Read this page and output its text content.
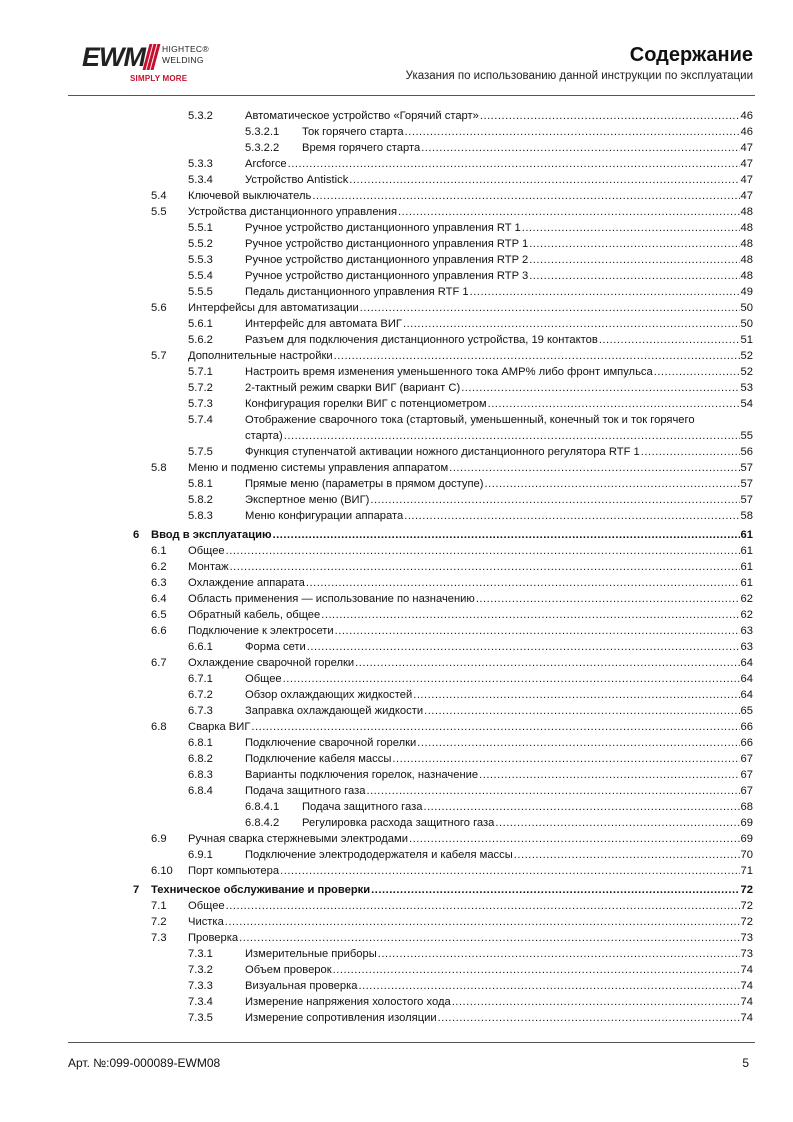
EWM HIGHTEC®
WELDING
SIMPLY MORE
Содержание
Указания по использованию данной инструкции по эксплуатации
5.3.2	Автоматическое устройство «Горячий старт» .....	46
5.3.2.1 Ток горячего старта .....	46
5.3.2.2 Время горячего старта .....	47
5.3.3	Arcforce .....	47
5.3.4	Устройство Antistick .....	47
5.4 Ключевой выключатель .....	47
5.5 Устройства дистанционного управления .....	48
5.5.1	Ручное устройство дистанционного управления RT 1 .....	48
5.5.2	Ручное устройство дистанционного управления RTP 1 .....	48
5.5.3	Ручное устройство дистанционного управления RTP 2 .....	48
5.5.4	Ручное устройство дистанционного управления RTP 3 .....	48
5.5.5	Педаль дистанционного управления RTF 1 .....	49
5.6 Интерфейсы для автоматизации .....	50
5.6.1	Интерфейс для автомата ВИГ .....	50
5.6.2	Разъем для подключения дистанционного устройства, 19 контактов .....	51
5.7 Дополнительные настройки .....	52
5.7.1	Настроить время изменения уменьшенного тока AMP% либо фронт импульса .....	52
5.7.2	2-тактный режим сварки ВИГ (вариант C) .....	53
5.7.3	Конфигурация горелки ВИГ с потенциометром .....	54
5.7.4	Отображение сварочного тока (стартовый, уменьшенный, конечный ток и ток горячего
старта) .....	55
5.7.5	Функция ступенчатой активации ножного дистанционного регулятора RTF 1 .....	56
5.8 Меню и подменю системы управления аппаратом .....	57
5.8.1	Прямые меню (параметры в прямом доступе) .....	57
5.8.2	Экспертное меню (ВИГ) .....	57
5.8.3	Меню конфигурации аппарата .....	58
6 Ввод в эксплуатацию .....	61
6.1 Общее .....	61
6.2 Монтаж .....	61
6.3 Охлаждение аппарата .....	61
6.4 Область применения — использование по назначению .....	62
6.5 Обратный кабель, общее .....	62
6.6 Подключение к электросети .....	63
6.6.1	Форма сети .....	63
6.7 Охлаждение сварочной горелки .....	64
6.7.1	Общее .....	64
6.7.2	Обзор охлаждающих жидкостей .....	64
6.7.3	Заправка охлаждающей жидкости .....	65
6.8 Сварка ВИГ .....	66
6.8.1	Подключение сварочной горелки .....	66
6.8.2	Подключение кабеля массы .....	67
6.8.3	Варианты подключения горелок, назначение .....	67
6.8.4	Подача защитного газа .....	67
6.8.4.1 Подача защитного газа .....	68
6.8.4.2 Регулировка расхода защитного газа .....	69
6.9 Ручная сварка стержневыми электродами .....	69
6.9.1	Подключение электрододержателя и кабеля массы .....	70
6.10 Порт компьютера .....	71
7 Техническое обслуживание и проверки .....	72
7.1 Общее .....	72
7.2 Чистка .....	72
7.3 Проверка .....	73
7.3.1	Измерительные приборы .....	73
7.3.2	Объем проверок .....	74
7.3.3	Визуальная проверка .....	74
7.3.4	Измерение напряжения холостого хода .....	74
7.3.5	Измерение сопротивления изоляции .....	74
Арт. №:099-000089-EWM08	5
